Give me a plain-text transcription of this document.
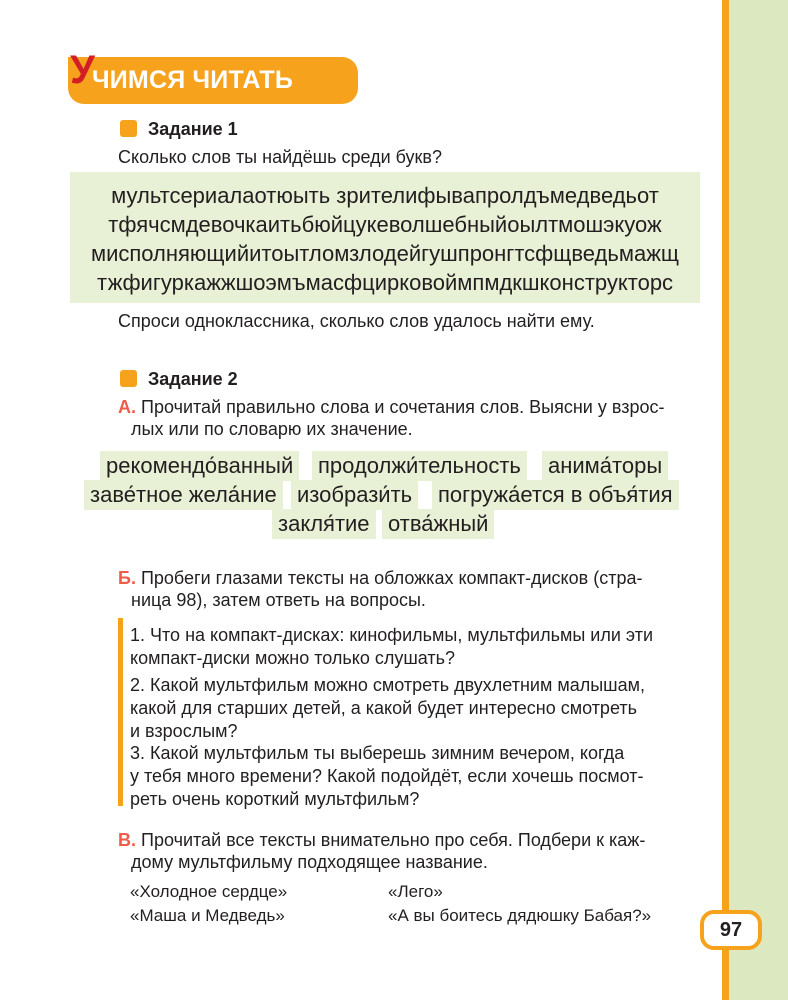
У
ЧИМСЯ ЧИТАТЬ
Задание 1
Сколько слов ты найдёшь среди букв?
мультсериалаотюыть зрителифывапролдъмедведьот
тфячсмдевочкаитьбюйцукеволшебныйоылтмошэкуож
мисполняющийитоытломзлодейгушпронгтсфщведьмажщ
тжфигуркажжшоэмъмасфцирковоймпмдкшконструкторс
Спроси одноклассника, сколько слов удалось найти ему.
Задание 2
А. Прочитай правильно слова и сочетания слов. Выясни у взрос-
лых или по словарю их значение.
рекомендо́ванный продолжи́тельность анима́торы
заве́тное жела́ние изобрази́ть погружа́ется в объя́тия
закля́тие отва́жный
Б. Пробеги глазами тексты на обложках компакт-дисков (стра-
ница 98), затем ответь на вопросы.
1. Что на компакт-дисках: кинофильмы, мультфильмы или эти
компакт-диски можно только слушать?
2. Какой мультфильм можно смотреть двухлетним малышам,
какой для старших детей, а какой будет интересно смотреть
и взрослым?
3. Какой мультфильм ты выберешь зимним вечером, когда
у тебя много времени? Какой подойдёт, если хочешь посмот-
реть очень короткий мультфильм?
В. Прочитай все тексты внимательно про себя. Подбери к каж-
дому мультфильму подходящее название.
«Холодное сердце»	«Лего»
«Маша и Медведь»	«А вы боитесь дядюшку Бабая?»
97
